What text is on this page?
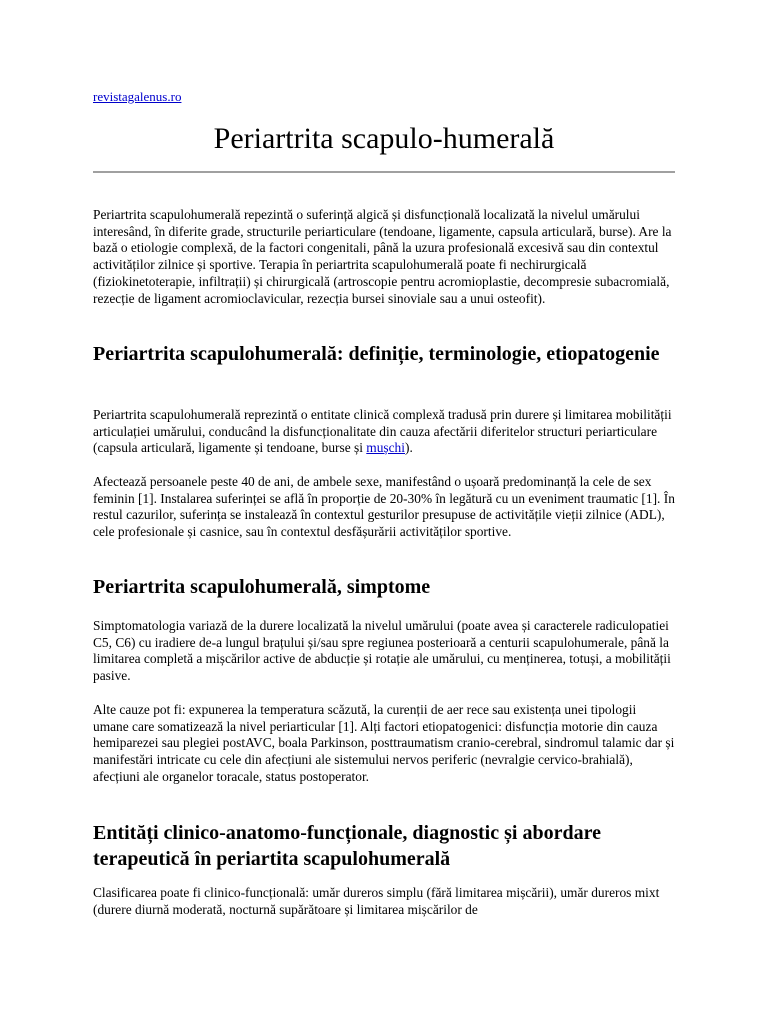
revistagalenus.ro
Periartrita scapulo-humerală

Periartrita scapulohumerală repezintă o suferință algică și disfuncțională localizată la nivelul umărului interesând, în diferite grade, structurile periarticulare (tendoane, ligamente, capsula articulară, burse). Are la bază o etiologie complexă, de la factori congenitali, până la uzura profesională excesivă sau din contextul activităților zilnice și sportive. Terapia în periartrita scapulohumerală poate fi nechirurgicală (fiziokinetoterapie, infiltrații) și chirurgicală (artroscopie pentru acromioplastie, decompresie subacromială, rezecție de ligament acromioclavicular, rezecția bursei sinoviale sau a unui osteofit).

Periartrita scapulohumerală: definiție, terminologie, etiopatogenie

Periartrita scapulohumerală reprezintă o entitate clinică complexă tradusă prin durere și limitarea mobilității articulației umărului, conducând la disfuncționalitate din cauza afectării diferitelor structuri periarticulare (capsula articulară, ligamente și tendoane, burse și mușchi).

Afectează persoanele peste 40 de ani, de ambele sexe, manifestând o ușoară predominanță la cele de sex feminin [1]. Instalarea suferinței se află în proporție de 20-30% în legătură cu un eveniment traumatic [1]. În restul cazurilor, suferința se instalează în contextul gesturilor presupuse de activitățile vieții zilnice (ADL), cele profesionale și casnice, sau în contextul desfășurării activităților sportive.

Periartrita scapulohumerală, simptome

Simptomatologia variază de la durere localizată la nivelul umărului (poate avea și caracterele radiculopatiei C5, C6) cu iradiere de-a lungul brațului și/sau spre regiunea posterioară a centurii scapulohumerale, până la limitarea completă a mișcărilor active de abducție și rotație ale umărului, cu menținerea, totuși, a mobilității pasive.

Alte cauze pot fi: expunerea la temperatura scăzută, la curenții de aer rece sau existența unei tipologii umane care somatizează la nivel periarticular [1]. Alți factori etiopatogenici: disfuncția motorie din cauza hemiparezei sau plegiei postAVC, boala Parkinson, posttraumatism cranio-cerebral, sindromul talamic dar și manifestări intricate cu cele din afecțiuni ale sistemului nervos periferic (nevralgie cervico-brahială), afecțiuni ale organelor toracale, status postoperator.

Entități clinico-anatomo-funcționale, diagnostic și abordare terapeutică în periartita scapulohumerală

Clasificarea poate fi clinico-funcțională: umăr dureros simplu (fără limitarea mișcării), umăr dureros mixt (durere diurnă moderată, nocturnă supărătoare și limitarea mișcărilor de
